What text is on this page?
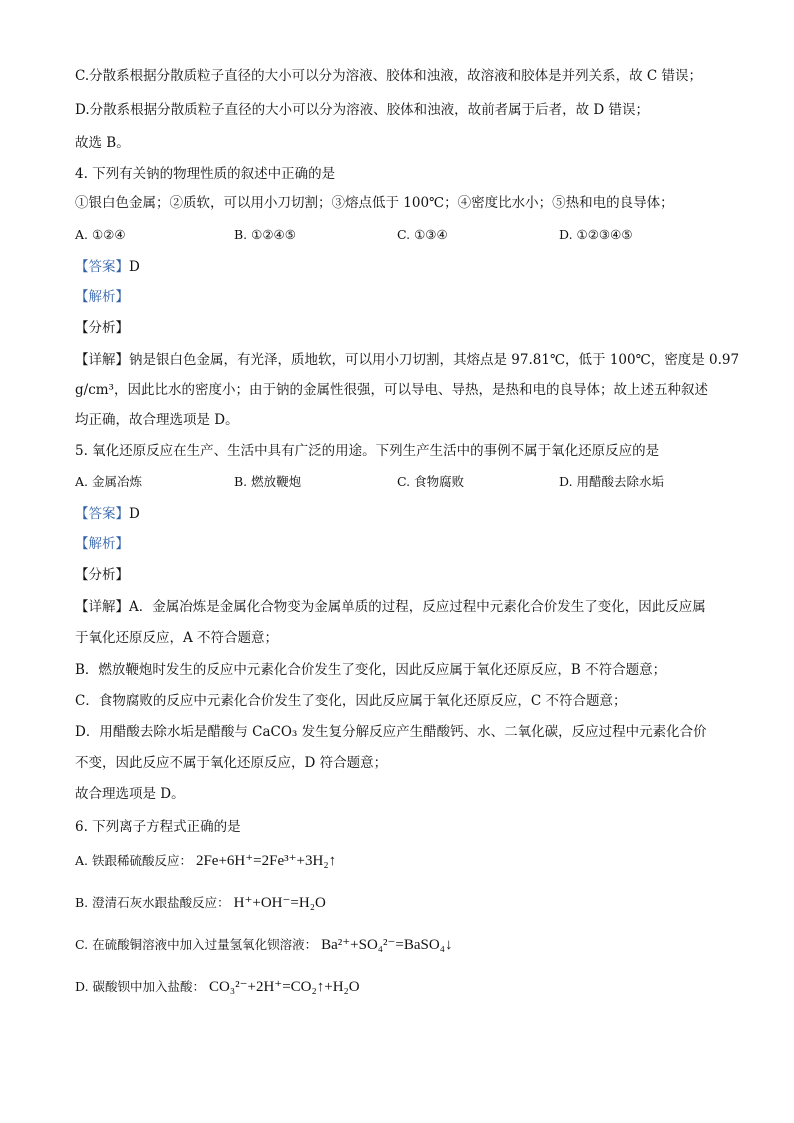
C.分散系根据分散质粒子直径的大小可以分为溶液、胶体和浊液，故溶液和胶体是并列关系，故 C 错误；
D.分散系根据分散质粒子直径的大小可以分为溶液、胶体和浊液，故前者属于后者，故 D 错误；
故选 B。
4. 下列有关钠的物理性质的叙述中正确的是
①银白色金属；②质软，可以用小刀切割；③熔点低于 100℃；④密度比水小；⑤热和电的良导体；
A. ①②④	B. ①②④⑤	C. ①③④	D. ①②③④⑤
【答案】D
【解析】
【分析】
【详解】钠是银白色金属，有光泽，质地软，可以用小刀切割，其熔点是 97.81℃，低于 100℃，密度是 0.97
g/cm³，因此比水的密度小；由于钠的金属性很强，可以导电、导热，是热和电的良导体；故上述五种叙述
均正确，故合理选项是 D。
5. 氧化还原反应在生产、生活中具有广泛的用途。下列生产生活中的事例不属于氧化还原反应的是
A. 金属冶炼	B. 燃放鞭炮	C. 食物腐败	D. 用醋酸去除水垢
【答案】D
【解析】
【分析】
【详解】A．金属冶炼是金属化合物变为金属单质的过程，反应过程中元素化合价发生了变化，因此反应属
于氧化还原反应，A 不符合题意；
B．燃放鞭炮时发生的反应中元素化合价发生了变化，因此反应属于氧化还原反应，B 不符合题意；
C．食物腐败的反应中元素化合价发生了变化，因此反应属于氧化还原反应，C 不符合题意；
D．用醋酸去除水垢是醋酸与 CaCO₃ 发生复分解反应产生醋酸钙、水、二氧化碳，反应过程中元素化合价
不变，因此反应不属于氧化还原反应，D 符合题意；
故合理选项是 D。
6. 下列离子方程式正确的是
A. 铁跟稀硫酸反应： 2Fe+6H⁺=2Fe³⁺+3H₂↑
B. 澄清石灰水跟盐酸反应： H⁺+OH⁻=H₂O
C. 在硫酸铜溶液中加入过量氢氧化钡溶液： Ba²⁺+SO₄²⁻=BaSO₄↓
D. 碳酸钡中加入盐酸： CO₃²⁻+2H⁺=CO₂↑+H₂O
